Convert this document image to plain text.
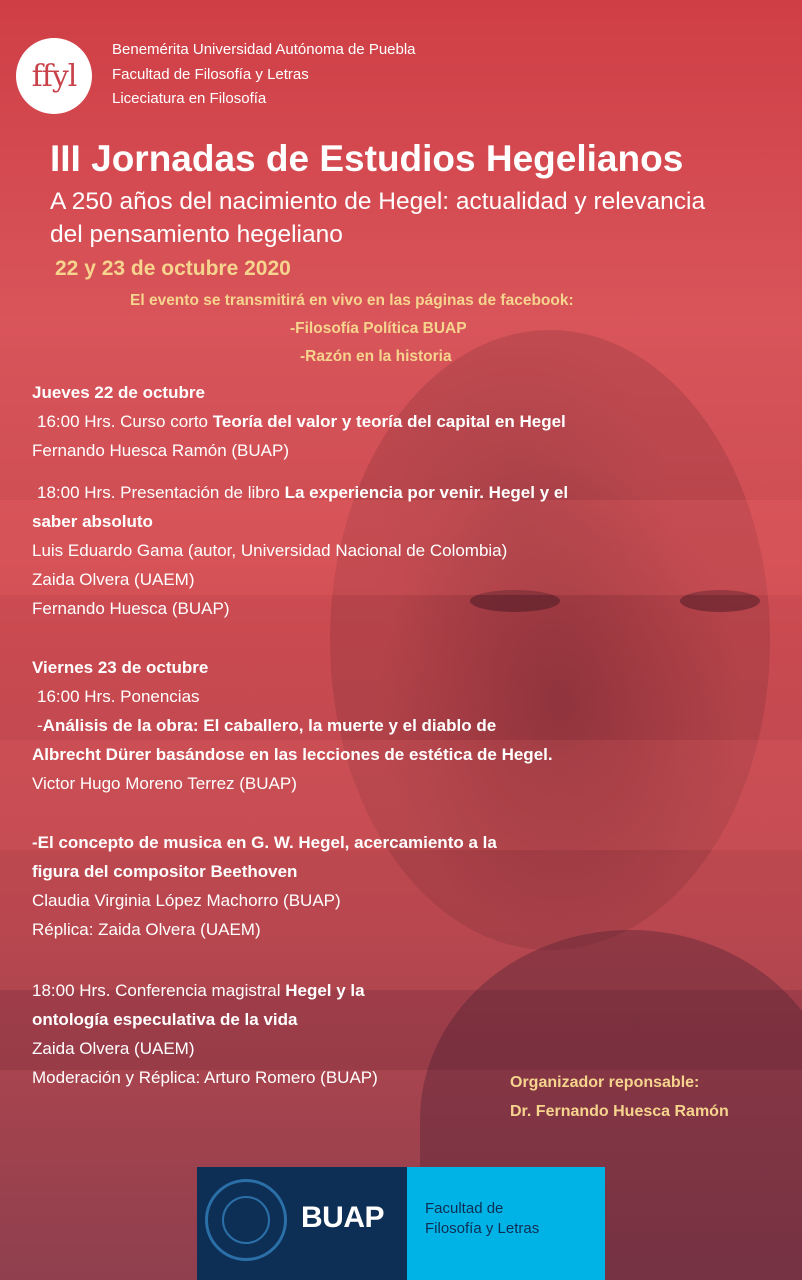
ffyl
Benemérita Universidad Autónoma de Puebla
Facultad de Filosofía y Letras
Liceciatura en Filosofía
III Jornadas de Estudios Hegelianos
A 250 años del nacimiento de Hegel: actualidad y relevancia del pensamiento hegeliano
22 y 23 de octubre 2020
El evento se transmitirá en vivo en las páginas de facebook:
-Filosofía Política BUAP
-Razón en la historia
Jueves 22 de octubre
16:00 Hrs. Curso corto Teoría del valor y teoría del capital en Hegel
Fernando Huesca Ramón (BUAP)
18:00 Hrs. Presentación de libro La experiencia por venir. Hegel y el
saber absoluto
Luis Eduardo Gama (autor, Universidad Nacional de Colombia)
Zaida Olvera (UAEM)
Fernando Huesca (BUAP)
Viernes 23 de octubre
16:00 Hrs. Ponencias
-Análisis de la obra: El caballero, la muerte y el diablo de
Albrecht Dürer basándose en las lecciones de estética de Hegel.
Victor Hugo Moreno Terrez (BUAP)
-El concepto de musica en G. W. Hegel, acercamiento a la
figura del compositor Beethoven
Claudia Virginia López Machorro (BUAP)
Réplica: Zaida Olvera (UAEM)
18:00 Hrs. Conferencia magistral Hegel y la
ontología especulativa de la vida
Zaida Olvera (UAEM)
Moderación y Réplica: Arturo Romero (BUAP)	Organizador reponsable:
Dr. Fernando Huesca Ramón
BUAP	Facultad de
Filosofía y Letras
